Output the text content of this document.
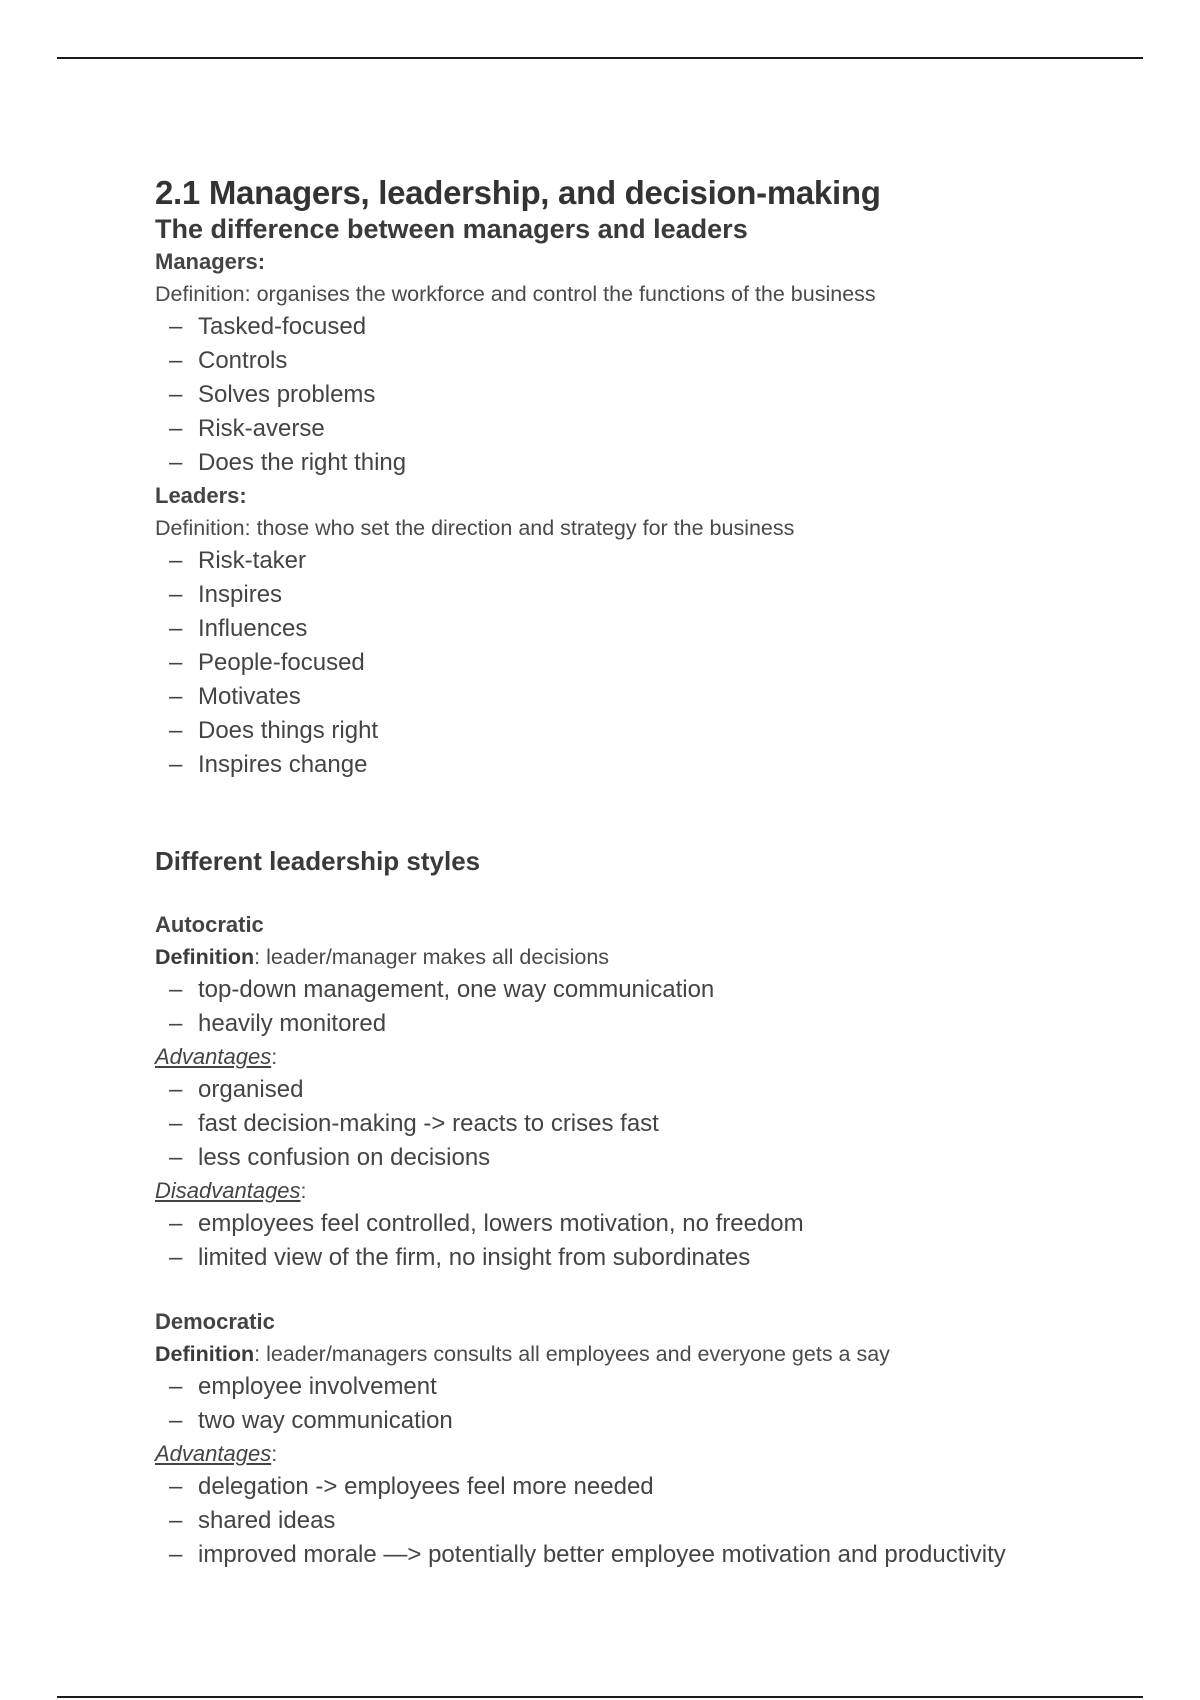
2.1 Managers, leadership, and decision-making
The difference between managers and leaders
Managers:
Definition: organises the workforce and control the functions of the business
– Tasked-focused
– Controls
– Solves problems
– Risk-averse
– Does the right thing
Leaders:
Definition: those who set the direction and strategy for the business
– Risk-taker
– Inspires
– Influences
– People-focused
– Motivates
– Does things right
– Inspires change
Different leadership styles
Autocratic
Definition: leader/manager makes all decisions
– top-down management, one way communication
– heavily monitored
Advantages:
– organised
– fast decision-making -> reacts to crises fast
– less confusion on decisions
Disadvantages:
– employees feel controlled, lowers motivation, no freedom
– limited view of the firm, no insight from subordinates
Democratic
Definition: leader/managers consults all employees and everyone gets a say
– employee involvement
– two way communication
Advantages:
– delegation -> employees feel more needed
– shared ideas
– improved morale —> potentially better employee motivation and productivity
